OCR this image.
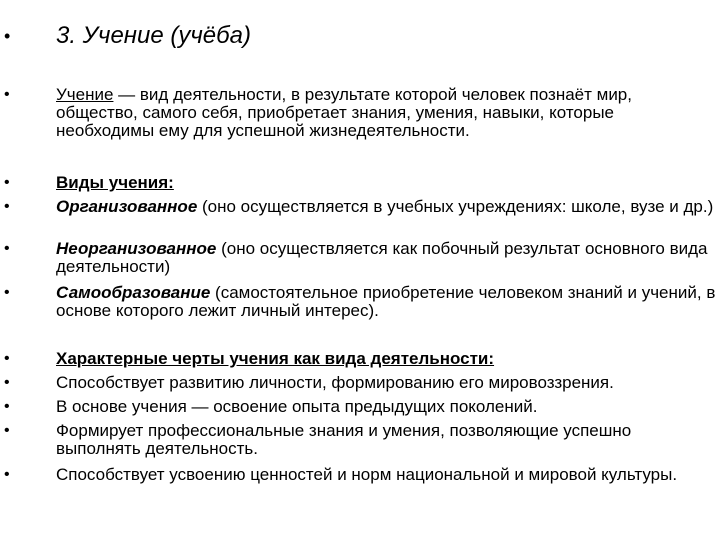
• 3. Учение (учёба)
•	Учение — вид деятельности, в результате которой человек познаёт мир, общество, самого себя, приобретает знания, умения, навыки, которые необходимы ему для успешной жизнедеятельности.
•	Виды учения:
•	Организованное (оно осуществляется в учебных учреждениях: школе, вузе и др.)
•	Неорганизованное (оно осуществляется как побочный результат основного вида деятельности)
•	Самообразование (самостоятельное приобретение человеком знаний и учений, в основе которого лежит личный интерес).
•	Характерные черты учения как вида деятельности:
•	Способствует развитию личности, формированию его мировоззрения.
•	В основе учения — освоение опыта предыдущих поколений.
•	Формирует профессиональные знания и умения, позволяющие успешно выполнять деятельность.
•	Способствует усвоению ценностей и норм национальной и мировой культуры.
